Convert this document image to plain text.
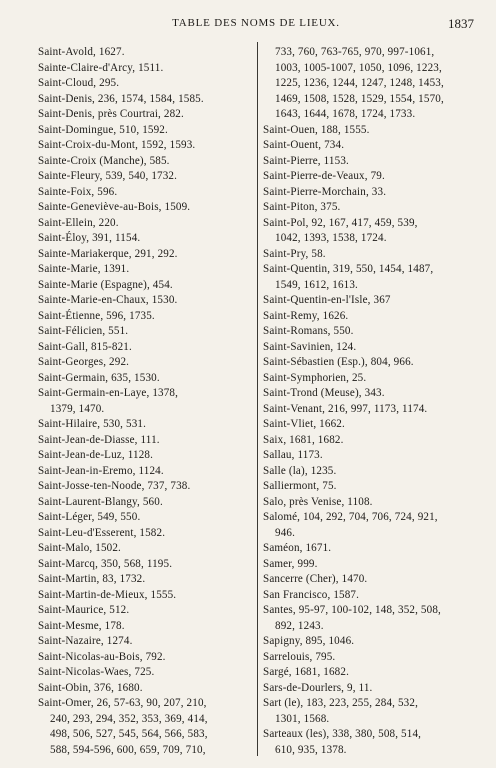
TABLE DES NOMS DE LIEUX.	1837

Saint-Avold, 1627.

Sainte-Claire-d'Arcy, 1511.

Saint-Cloud, 295.

Saint-Denis, 236, 1574, 1584, 1585.

Saint-Denis, près Courtrai, 282.

Saint-Domingue, 510, 1592.

Saint-Croix-du-Mont, 1592, 1593.

Sainte-Croix (Manche), 585.

Sainte-Fleury, 539, 540, 1732.

Sainte-Foix, 596.

Sainte-Geneviève-au-Bois, 1509.

Saint-Ellein, 220.

Saint-Éloy, 391, 1154.

Sainte-Mariakerque, 291, 292.

Sainte-Marie, 1391.

Sainte-Marie (Espagne), 454.

Sainte-Marie-en-Chaux, 1530.

Saint-Étienne, 596, 1735.

Saint-Félicien, 551.

Saint-Gall, 815-821.

Saint-Georges, 292.

Saint-Germain, 635, 1530.

Saint-Germain-en-Laye, 1378,

1379, 1470.

Saint-Hilaire, 530, 531.

Saint-Jean-de-Diasse, 111.

Saint-Jean-de-Luz, 1128.

Saint-Jean-in-Eremo, 1124.

Saint-Josse-ten-Noode, 737, 738.

Saint-Laurent-Blangy, 560.

Saint-Léger, 549, 550.

Saint-Leu-d'Esserent, 1582.

Saint-Malo, 1502.

Saint-Marcq, 350, 568, 1195.

Saint-Martin, 83, 1732.

Saint-Martin-de-Mieux, 1555.

Saint-Maurice, 512.

Saint-Mesme, 178.

Saint-Nazaire, 1274.

Saint-Nicolas-au-Bois, 792.

Saint-Nicolas-Waes, 725.

Saint-Obin, 376, 1680.

Saint-Omer, 26, 57-63, 90, 207, 210,

240, 293, 294, 352, 353, 369, 414,

498, 506, 527, 545, 564, 566, 583,

588, 594-596, 600, 659, 709, 710,

733, 760, 763-765, 970, 997-1061,

1003, 1005-1007, 1050, 1096, 1223,

1225, 1236, 1244, 1247, 1248, 1453,

1469, 1508, 1528, 1529, 1554, 1570,

1643, 1644, 1678, 1724, 1733.

Saint-Ouen, 188, 1555.

Saint-Ouent, 734.

Saint-Pierre, 1153.

Saint-Pierre-de-Veaux, 79.

Saint-Pierre-Morchain, 33.

Saint-Piton, 375.

Saint-Pol, 92, 167, 417, 459, 539,

1042, 1393, 1538, 1724.

Saint-Pry, 58.

Saint-Quentin, 319, 550, 1454, 1487,

1549, 1612, 1613.

Saint-Quentin-en-l'Isle, 367

Saint-Remy, 1626.

Saint-Romans, 550.

Saint-Savinien, 124.

Saint-Sébastien (Esp.), 804, 966.

Saint-Symphorien, 25.

Saint-Trond (Meuse), 343.

Saint-Venant, 216, 997, 1173, 1174.

Saint-Vliet, 1662.

Saix, 1681, 1682.

Sallau, 1173.

Salle (la), 1235.

Salliermont, 75.

Salo, près Venise, 1108.

Salomé, 104, 292, 704, 706, 724, 921,

946.

Saméon, 1671.

Samer, 999.

Sancerre (Cher), 1470.

San Francisco, 1587.

Santes, 95-97, 100-102, 148, 352, 508,

892, 1243.

Sapigny, 895, 1046.

Sarrelouis, 795.

Sargé, 1681, 1682.

Sars-de-Dourlers, 9, 11.

Sart (le), 183, 223, 255, 284, 532,

1301, 1568.

Sarteaux (les), 338, 380, 508, 514,

610, 935, 1378.
